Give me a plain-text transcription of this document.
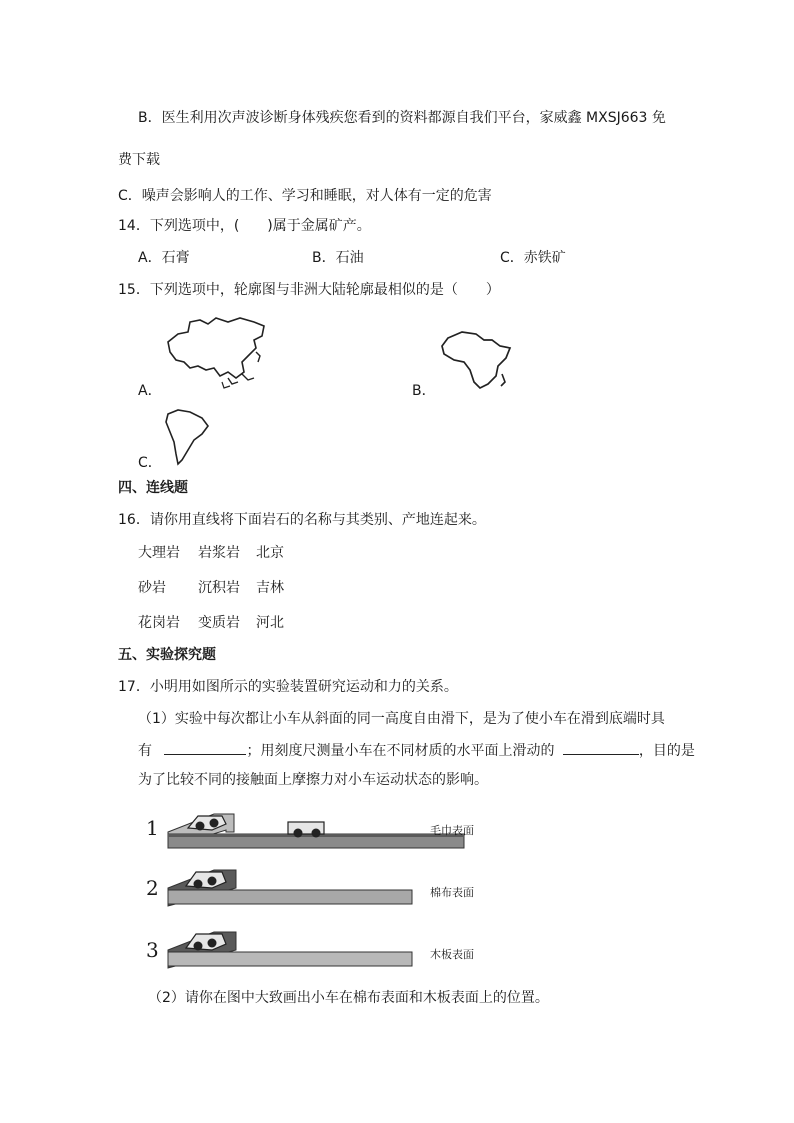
B．医生利用次声波诊断身体残疾您看到的资料都源自我们平台，家威鑫 MXSJ663 免
费下载
C．噪声会影响人的工作、学习和睡眠，对人体有一定的危害
14．下列选项中，(　　)属于金属矿产。
A．石膏	B．石油	C．赤铁矿
15．下列选项中，轮廓图与非洲大陆轮廓最相似的是（　　）
A．	B．
C．
四、连线题
16．请你用直线将下面岩石的名称与其类别、产地连起来。
大理岩 岩浆岩 北京
砂岩 沉积岩 吉林
花岗岩 变质岩 河北
五、实验探究题
17．小明用如图所示的实验装置研究运动和力的关系。
（1）实验中每次都让小车从斜面的同一高度自由滑下，是为了使小车在滑到底端时具
有	；用刻度尺测量小车在不同材质的水平面上滑动的	，目的是
为了比较不同的接触面上摩擦力对小车运动状态的影响。
1	毛巾表面
2	棉布表面
3	木板表面
（2）请你在图中大致画出小车在棉布表面和木板表面上的位置。
